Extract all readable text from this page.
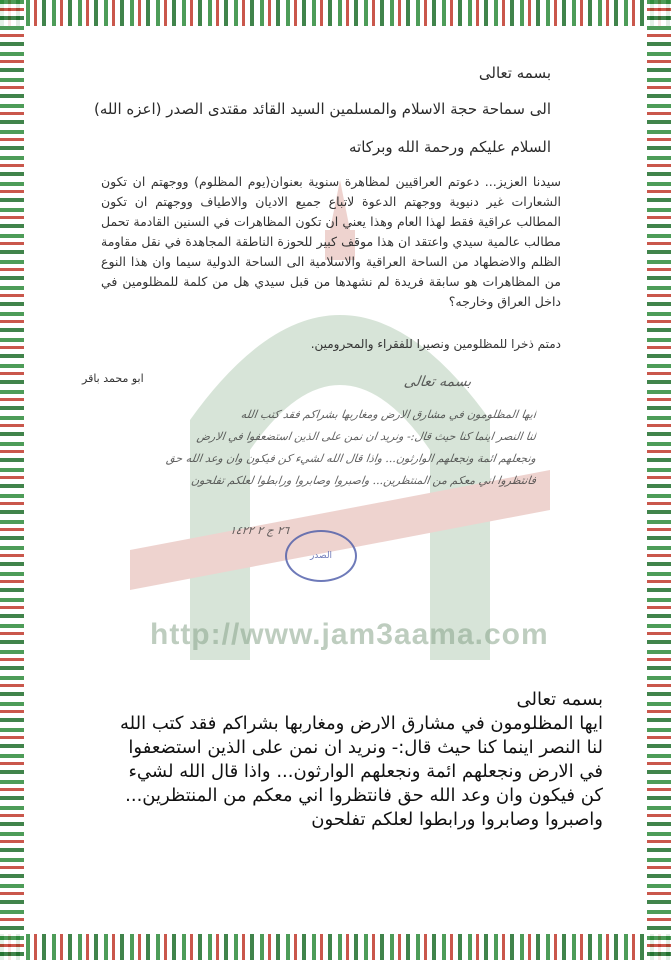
http://www.jam3aama.com
بسمه تعالى
الى سماحة حجة الاسلام والمسلمين السيد القائد مقتدى الصدر (اعزه الله)
السلام عليكم ورحمة الله وبركاته
سيدنا العزيز... دعوتم العراقيين لمظاهرة سنوية بعنوان(يوم المظلوم) ووجهتم ان تكون الشعارات غير دنيوية ووجهتم الدعوة لاتباع جميع الاديان والاطياف ووجهتم ان تكون المطالب عراقية فقط لهذا العام وهذا يعني ان تكون المظاهرات في السنين القادمة تحمل مطالب عالمية سيدي واعتقد ان هذا موقف كبير للحوزة الناطقة المجاهدة في نقل مقاومة الظلم والاضطهاد من الساحة العراقية والاسلامية الى الساحة الدولية سيما وان هذا النوع من المظاهرات هو سابقة فريدة لم نشهدها من قبل سيدي هل من كلمة للمظلومين في داخل العراق وخارجه؟
دمتم ذخرا للمظلومين ونصيرا للفقراء والمحرومين.
ابو محمد باقر	بسمه تعالى
ايها المظلومون في مشارق الارض ومغاربها بشراكم فقد كتب الله
لنا النصر اينما كنا حيث قال:- ونريد ان نمن على الذين استضعفوا في الارض
ونجعلهم ائمة ونجعلهم الوارثون... واذا قال الله لشيء كن فيكون وان وعد الله حق
فانتظروا اني معكم من المنتظرين... واصبروا وصابروا ورابطوا لعلكم تفلحون
٢٦ ج ٢ ١٤٢٢
الصدر
بسمه تعالى
ايها المظلومون في مشارق الارض ومغاربها بشراكم فقد كتب الله
لنا النصر اينما كنا حيث قال:- ونريد ان نمن على الذين استضعفوا
في الارض ونجعلهم ائمة ونجعلهم الوارثون... واذا قال الله لشيء
كن فيكون وان وعد الله حق فانتظروا اني معكم من المنتظرين...
واصبروا وصابروا ورابطوا لعلكم تفلحون
